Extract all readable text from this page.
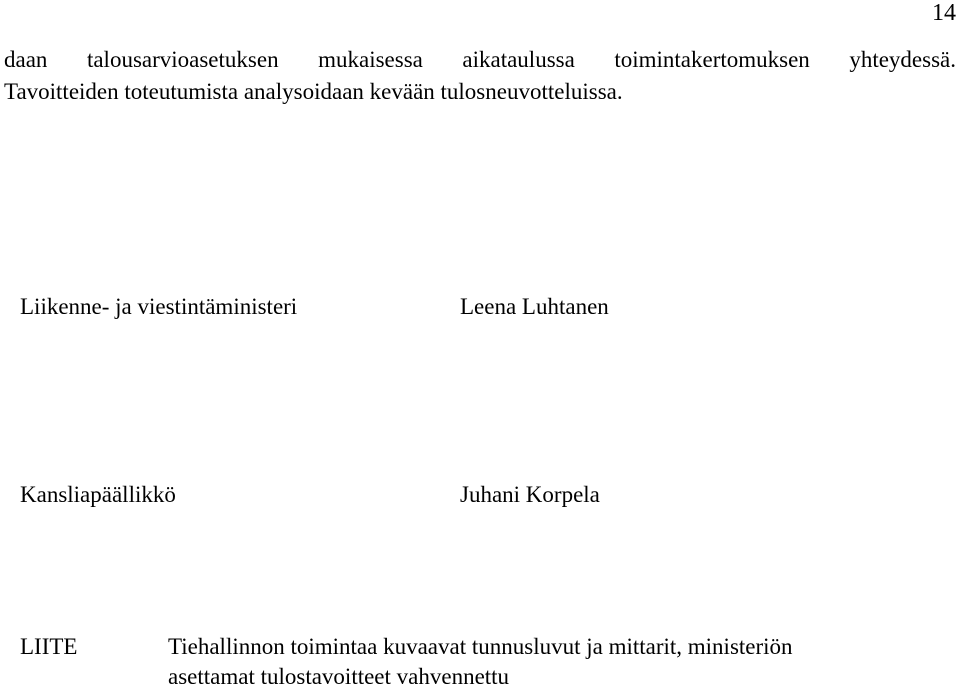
14
daan talousarvioasetuksen mukaisessa aikataulussa toimintakertomuksen yhteydessä.
Tavoitteiden toteutumista analysoidaan kevään tulosneuvotteluissa.
Liikenne- ja viestintäministeri	Leena Luhtanen
Kansliapäällikkö	Juhani Korpela
LIITE	Tiehallinnon toimintaa kuvaavat tunnusluvut ja mittarit, ministeriön
asettamat tulostavoitteet vahvennettu
